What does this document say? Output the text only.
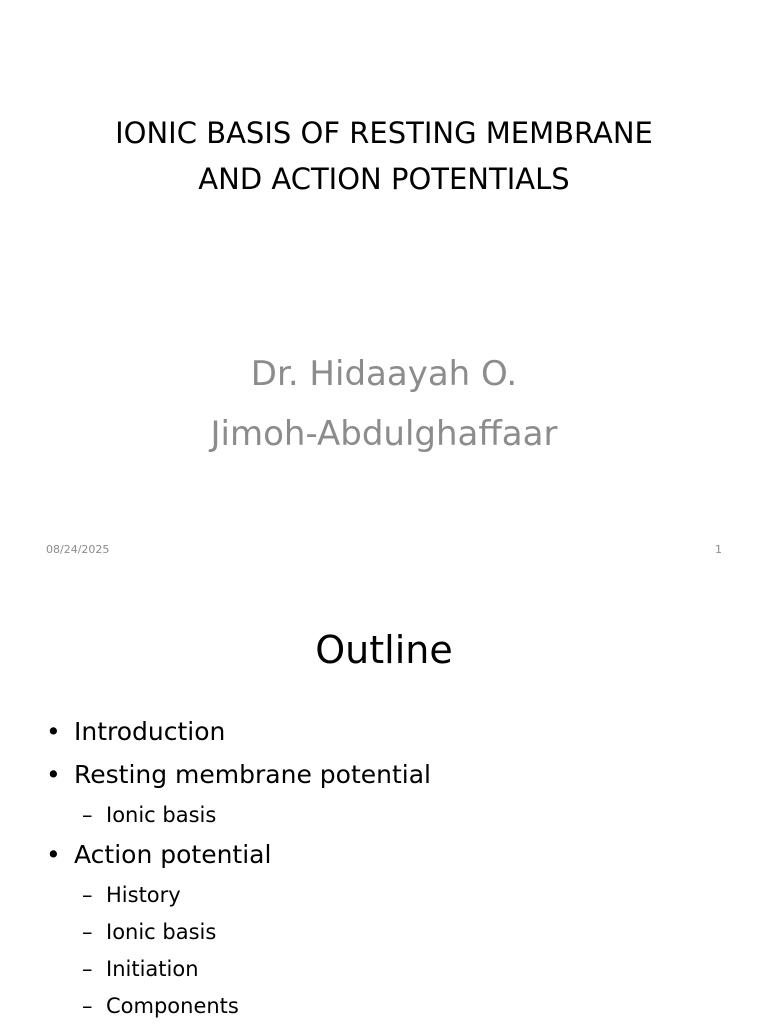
IONIC BASIS OF RESTING MEMBRANE
AND ACTION POTENTIALS
Dr. Hidaayah O.
Jimoh-Abdulghaffaar
08/24/2025	1
Outline
• Introduction
• Resting membrane potential
– Ionic basis
• Action potential
– History
– Ionic basis
– Initiation
– Components
